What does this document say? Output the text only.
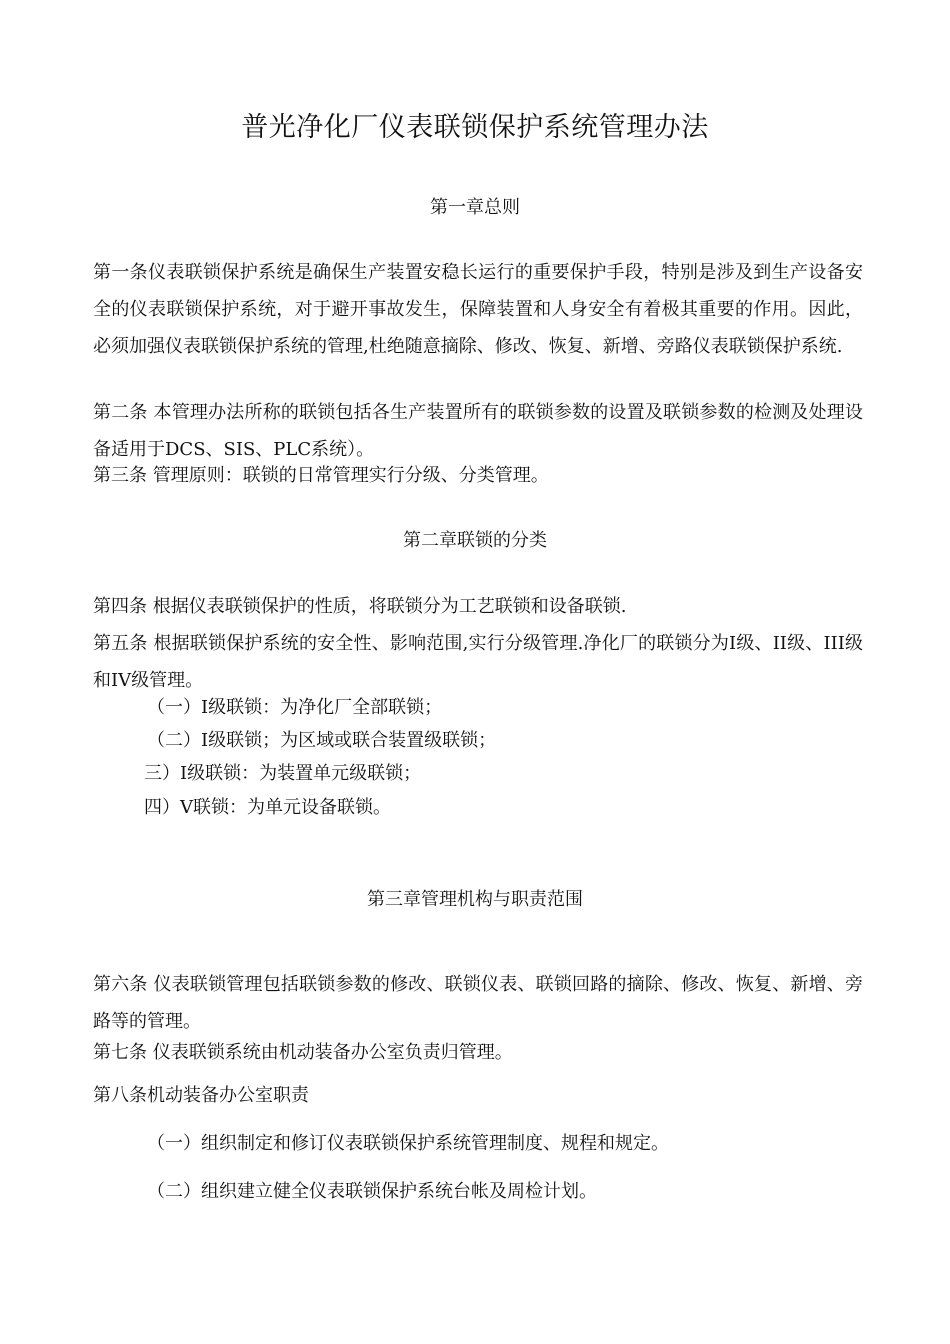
普光净化厂仪表联锁保护系统管理办法
第一章总则
第一条仪表联锁保护系统是确保生产装置安稳长运行的重要保护手段，特别是涉及到生产设备安全的仪表联锁保护系统，对于避开事故发生，保障装置和人身安全有着极其重要的作用。因此，必须加强仪表联锁保护系统的管理,杜绝随意摘除、修改、恢复、新增、旁路仪表联锁保护系统.
第二条 本管理办法所称的联锁包括各生产装置所有的联锁参数的设置及联锁参数的检测及处理设备适用于DCS、SIS、PLC系统）。
第三条 管理原则：联锁的日常管理实行分级、分类管理。
第二章联锁的分类
第四条 根据仪表联锁保护的性质，将联锁分为工艺联锁和设备联锁.
第五条 根据联锁保护系统的安全性、影响范围,实行分级管理.净化厂的联锁分为I级、II级、III级和IV级管理。
（一）I级联锁：为净化厂全部联锁；
（二）I级联锁；为区域或联合装置级联锁；
三）I级联锁：为装置单元级联锁；
四）V联锁：为单元设备联锁。
第三章管理机构与职责范围
第六条 仪表联锁管理包括联锁参数的修改、联锁仪表、联锁回路的摘除、修改、恢复、新增、旁路等的管理。
第七条 仪表联锁系统由机动装备办公室负责归管理。
第八条机动装备办公室职责
（一）组织制定和修订仪表联锁保护系统管理制度、规程和规定。
（二）组织建立健全仪表联锁保护系统台帐及周检计划。
